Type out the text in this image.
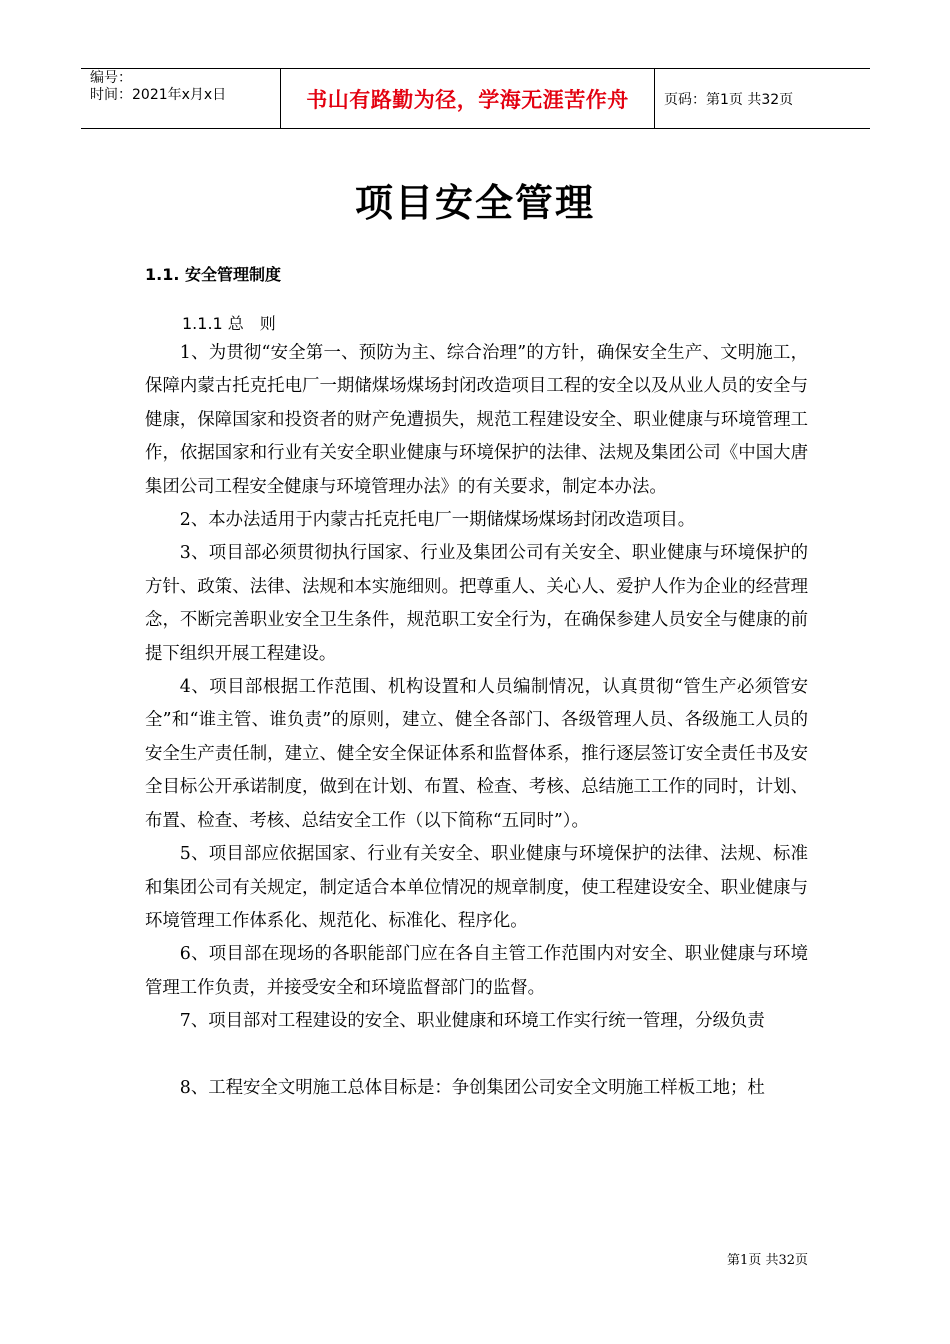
编号：
时间：2021年x月x日	书山有路勤为径，学海无涯苦作舟	页码：第1页 共32页
项目安全管理
1.1. 安全管理制度
1.1.1 总　则

1、为贯彻“安全第一、预防为主、综合治理”的方针，确保安全生产、文明施工，保障内蒙古托克托电厂一期储煤场煤场封闭改造项目工程的安全以及从业人员的安全与健康，保障国家和投资者的财产免遭损失，规范工程建设安全、职业健康与环境管理工作，依据国家和行业有关安全职业健康与环境保护的法律、法规及集团公司《中国大唐集团公司工程安全健康与环境管理办法》的有关要求，制定本办法。

2、本办法适用于内蒙古托克托电厂一期储煤场煤场封闭改造项目。

3、项目部必须贯彻执行国家、行业及集团公司有关安全、职业健康与环境保护的方针、政策、法律、法规和本实施细则。把尊重人、关心人、爱护人作为企业的经营理念，不断完善职业安全卫生条件，规范职工安全行为，在确保参建人员安全与健康的前提下组织开展工程建设。

4、项目部根据工作范围、机构设置和人员编制情况，认真贯彻“管生产必须管安全”和“谁主管、谁负责”的原则，建立、健全各部门、各级管理人员、各级施工人员的安全生产责任制，建立、健全安全保证体系和监督体系，推行逐层签订安全责任书及安全目标公开承诺制度，做到在计划、布置、检查、考核、总结施工工作的同时，计划、布置、检查、考核、总结安全工作（以下简称“五同时”）。

5、项目部应依据国家、行业有关安全、职业健康与环境保护的法律、法规、标准和集团公司有关规定，制定适合本单位情况的规章制度，使工程建设安全、职业健康与环境管理工作体系化、规范化、标准化、程序化。

6、项目部在现场的各职能部门应在各自主管工作范围内对安全、职业健康与环境管理工作负责，并接受安全和环境监督部门的监督。

7、项目部对工程建设的安全、职业健康和环境工作实行统一管理，分级负责

8、工程安全文明施工总体目标是：争创集团公司安全文明施工样板工地；杜

第1页 共32页
